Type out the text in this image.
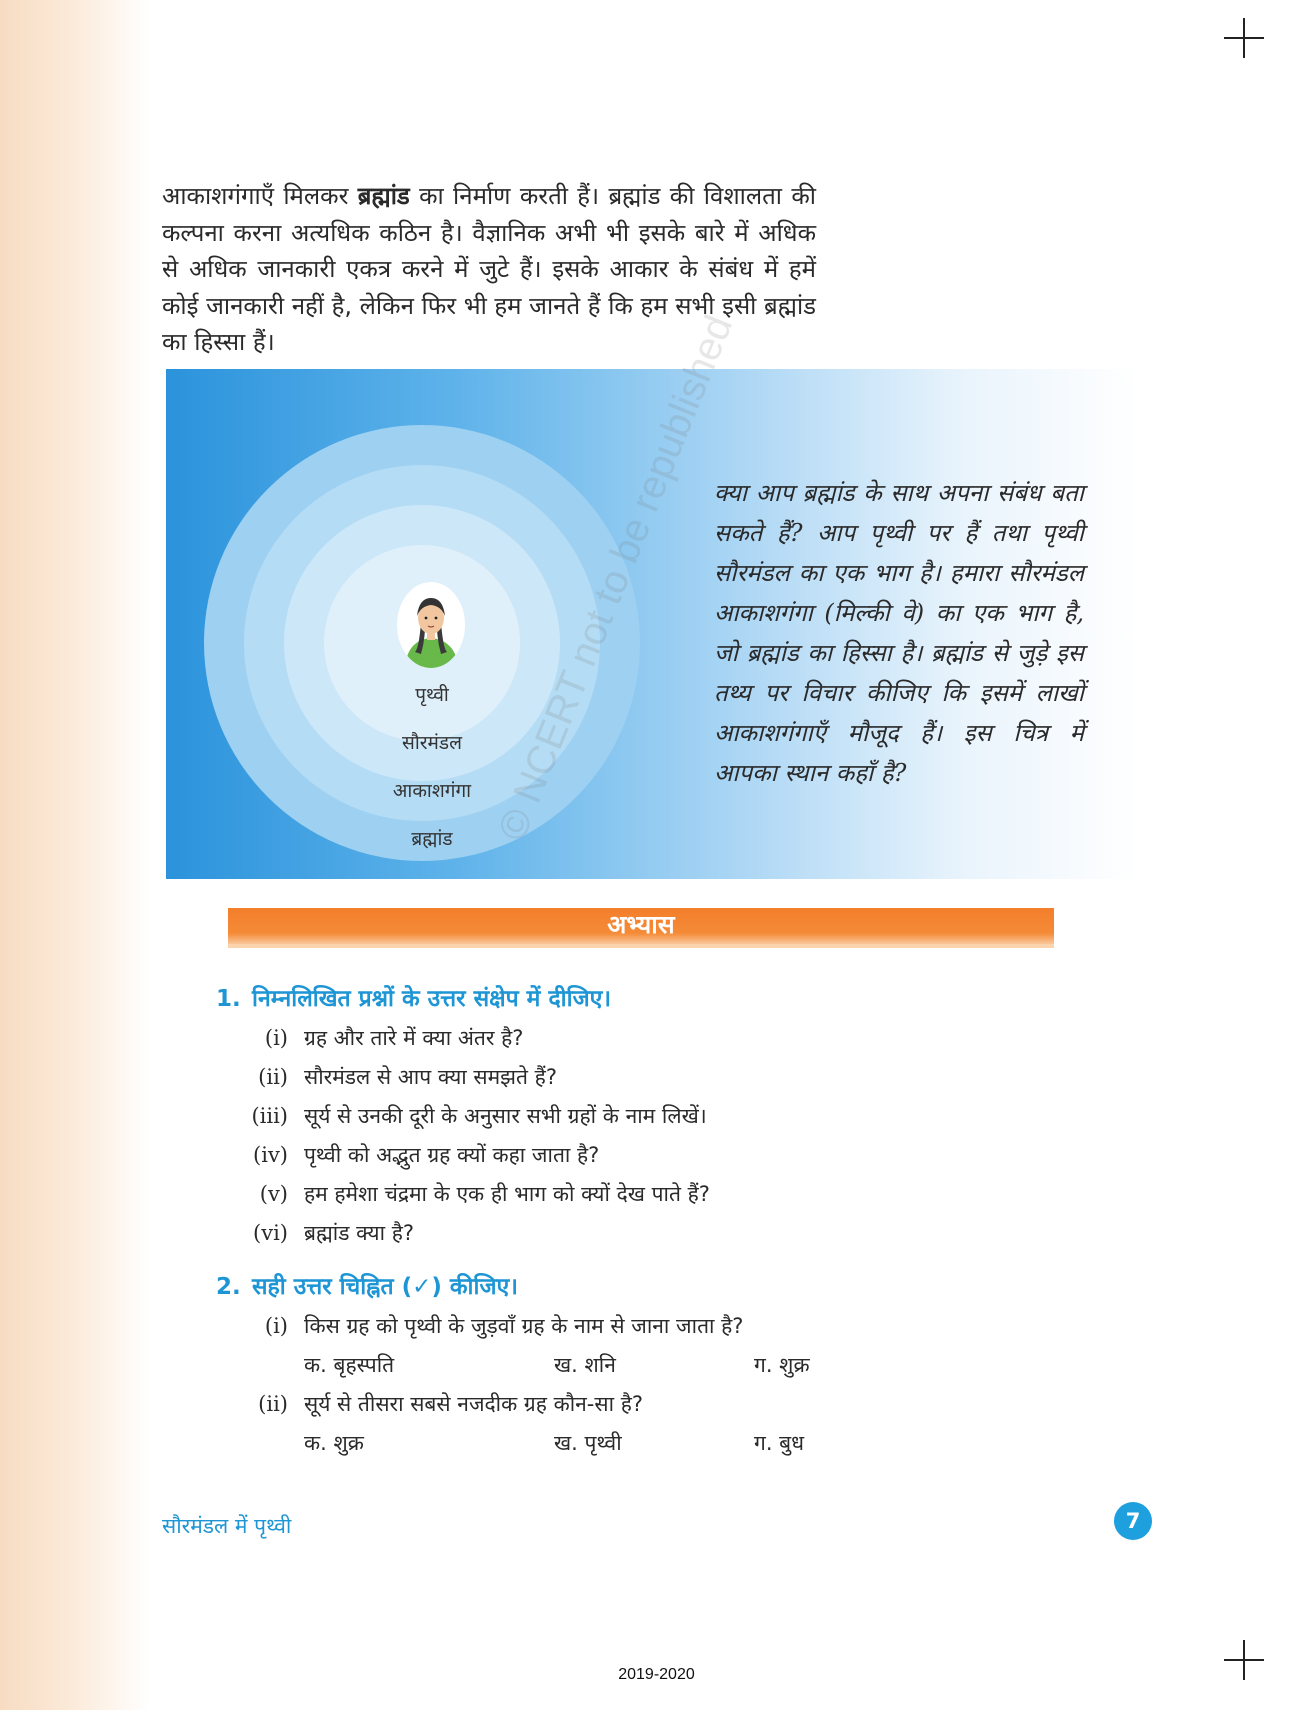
आकाशगंगाएँ मिलकर ब्रह्मांड का निर्माण करती हैं। ब्रह्मांड की विशालता की कल्पना करना अत्यधिक कठिन है। वैज्ञानिक अभी भी इसके बारे में अधिक से अधिक जानकारी एकत्र करने में जुटे हैं। इसके आकार के संबंध में हमें कोई जानकारी नहीं है, लेकिन फिर भी हम जानते हैं कि हम सभी इसी ब्रह्मांड का हिस्सा हैं।

पृथ्वी
सौरमंडल
आकाशगंगा
ब्रह्मांड

क्या आप ब्रह्मांड के साथ अपना संबंध बता सकते हैं? आप पृथ्वी पर हैं तथा पृथ्वी सौरमंडल का एक भाग है। हमारा सौरमंडल आकाशगंगा (मिल्की वे) का एक भाग है, जो ब्रह्मांड का हिस्सा है। ब्रह्मांड से जुड़े इस तथ्य पर विचार कीजिए कि इसमें लाखों आकाशगंगाएँ मौजूद हैं। इस चित्र में आपका स्थान कहाँ है?

अभ्यास
1. निम्नलिखित प्रश्नों के उत्तर संक्षेप में दीजिए।
(i) ग्रह और तारे में क्या अंतर है?
(ii) सौरमंडल से आप क्या समझते हैं?
(iii) सूर्य से उनकी दूरी के अनुसार सभी ग्रहों के नाम लिखें।
(iv) पृथ्वी को अद्भुत ग्रह क्यों कहा जाता है?
(v) हम हमेशा चंद्रमा के एक ही भाग को क्यों देख पाते हैं?
(vi) ब्रह्मांड क्या है?
2. सही उत्तर चिह्नित (✓) कीजिए।
(i) किस ग्रह को पृथ्वी के जुड़वाँ ग्रह के नाम से जाना जाता है?
क. बृहस्पति	ख. शनि	ग. शुक्र
(ii) सूर्य से तीसरा सबसे नजदीक ग्रह कौन-सा है?
क. शुक्र	ख. पृथ्वी	ग. बुध
सौरमंडल में पृथ्वी	7
2019-2020
